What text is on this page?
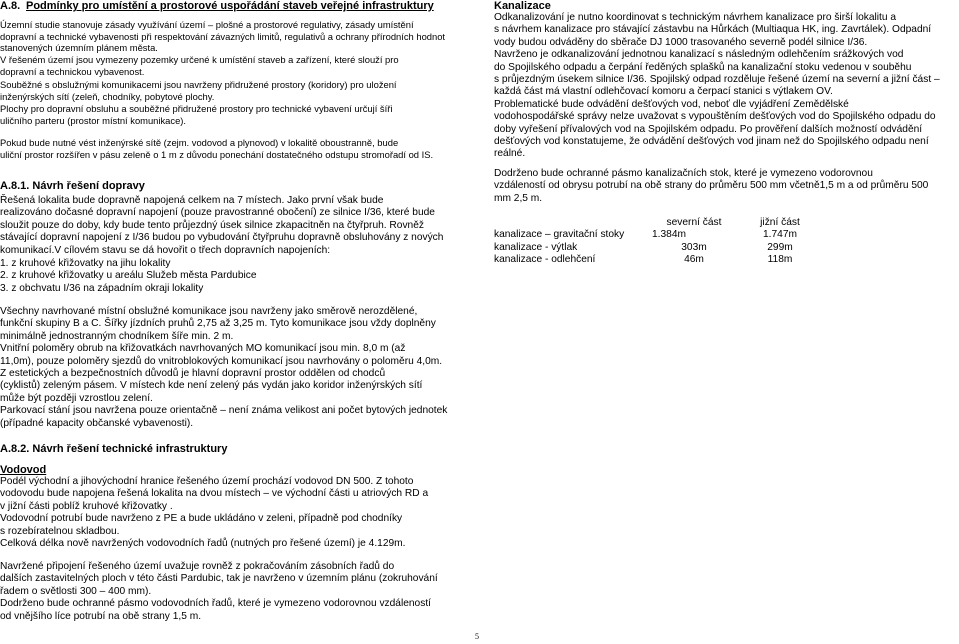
A.8. Podmínky pro umístění a prostorové uspořádání staveb veřejné infrastruktury
Územní studie stanovuje zásady využívání území – plošné a prostorové regulativy, zásady umístění
dopravní a technické vybavenosti při respektování závazných limitů, regulativů a ochrany přírodních hodnot
stanovených územním plánem města.
V řešeném území jsou vymezeny pozemky určené k umístění staveb a zařízení, které slouží pro
dopravní a technickou vybavenost.
Souběžné s obslužnými komunikacemi jsou navrženy přidružené prostory (koridory) pro uložení
inženýrských sítí (zeleň, chodníky, pobytové plochy.
Plochy pro dopravní obsluhu a souběžné přidružené prostory pro technické vybavení určují šíři
uličního parteru (prostor místní komunikace).
Pokud bude nutné vést inženýrské sítě (zejm. vodovod a plynovod) v lokalitě oboustranně, bude
uliční prostor rozšířen v pásu zeleně o 1 m z důvodu ponechání dostatečného odstupu stromořadí od IS.
A.8.1. Návrh řešení dopravy
Řešená lokalita bude dopravně napojená celkem na 7 místech. Jako první však bude
realizováno dočasné dopravní napojení (pouze pravostranné obočení) ze silnice I/36, které bude
sloužit pouze do doby, kdy bude tento průjezdný úsek silnice zkapacitněn na čtyřpruh. Rovněž
stávající dopravní napojení z I/36 budou po vybudování čtyřpruhu dopravně obsluhovány z nových
komunikací.V cílovém stavu se dá hovořit o třech dopravních napojeních:
1. z kruhové křižovatky na jihu lokality
2. z kruhové křižovatky u areálu Služeb města Pardubice
3. z obchvatu I/36 na západním okraji lokality
Všechny navrhované místní obslužné komunikace jsou navrženy jako směrově nerozdělené,
funkční skupiny B a C. Šířky jízdních pruhů 2,75 až 3,25 m. Tyto komunikace jsou vždy doplněny
minimálně jednostranným chodníkem šíře min. 2 m.
Vnitřní poloměry obrub na křižovatkách navrhovaných MO komunikací jsou min. 8,0 m (až
11,0m), pouze poloměry sjezdů do vnitroblokových komunikací jsou navrhovány o poloměru 4,0m.
Z estetických a bezpečnostních důvodů je hlavní dopravní prostor oddělen od chodců
(cyklistů) zeleným pásem. V místech kde není zelený pás vydán jako koridor inženýrských sítí
může být později vzrostlou zelení.
Parkovací stání jsou navržena pouze orientačně – není známa velikost ani počet bytových jednotek
(případné kapacity občanské vybavenosti).
A.8.2. Návrh řešení technické infrastruktury
Vodovod
Podél východní a jihovýchodní hranice řešeného území prochází vodovod DN 500. Z tohoto
vodovodu bude napojena řešená lokalita na dvou místech – ve východní části u atriových RD a
v jižní části poblíž kruhové křižovatky .
Vodovodní potrubí bude navrženo z PE a bude ukládáno v zeleni, případně pod chodníky
s rozebíratelnou skladbou.
Celková délka nově navržených vodovodních řadů (nutných pro řešené území) je 4.129m.
Navržené připojení řešeného území uvažuje rovněž z pokračováním zásobních řadů do
dalších zastavitelných ploch v této části Pardubic, tak je navrženo v územním plánu (zokruhování
řadem o světlosti 300 – 400 mm).
Dodrženo bude ochranné pásmo vodovodních řadů, které je vymezeno vodorovnou vzdáleností
od vnějšího líce potrubí na obě strany 1,5 m.
Kanalizace
Odkanalizování je nutno koordinovat s technickým návrhem kanalizace pro širší lokalitu a
s návrhem kanalizace pro stávající zástavbu na Hůrkách (Multiaqua HK, ing. Zavrtálek). Odpadní
vody budou odváděny do sběrače DJ 1000 trasovaného severně podél silnice I/36.
Navrženo je odkanalizování jednotnou kanalizací s následným odlehčením srážkových vod
do Spojilského odpadu a čerpání ředěných splašků na kanalizační stoku vedenou v souběhu
s průjezdným úsekem silnice I/36. Spojilský odpad rozděluje řešené území na severní a jižní část –
každá část má vlastní odlehčovací komoru a čerpací stanici s výtlakem OV.
Problematické bude odvádění dešťových vod, neboť dle vyjádření Zemědělské
vodohospodářské správy nelze uvažovat s vypouštěním dešťových vod do Spojilského odpadu do
doby vyřešení přívalových vod na Spojilském odpadu. Po prověření dalších možností odvádění
dešťových vod konstatujeme, že odvádění dešťových vod jinam než do Spojilského odpadu není
reálné.
Dodrženo bude ochranné pásmo kanalizačních stok, které je vymezeno vodorovnou
vzdáleností od obrysu potrubí na obě strany do průměru 500 mm včetně1,5 m a od průměru 500
mm 2,5 m.
	severní část	jižní část
kanalizace – gravitační stoky	1.384m	1.747m
kanalizace - výtlak	303m	299m
kanalizace - odlehčení	46m	118m
5
